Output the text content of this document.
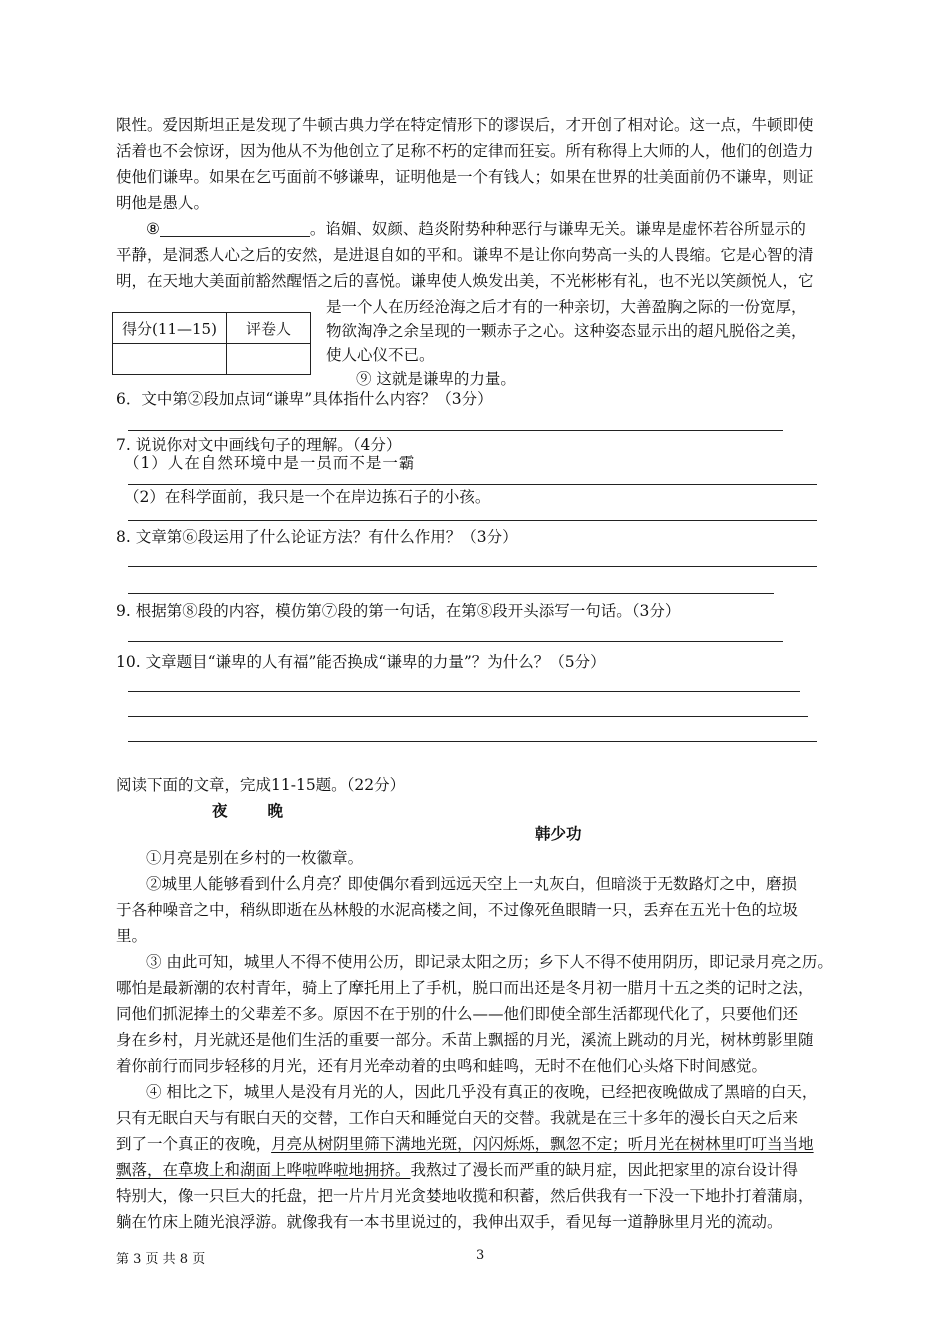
限性。爱因斯坦正是发现了牛顿古典力学在特定情形下的谬误后，才开创了相对论。这一点，牛顿即使
活着也不会惊讶，因为他从不为他创立了足称不朽的定律而狂妄。所有称得上大师的人，他们的创造力
使他们谦卑。如果在乞丐面前不够谦卑，证明他是一个有钱人；如果在世界的壮美面前仍不谦卑，则证
明他是愚人。
⑧	。谄媚、奴颜、趋炎附势种种恶行与谦卑无关。谦卑是虚怀若谷所显示的
平静，是洞悉人心之后的安然，是进退自如的平和。谦卑不是让你向势高一头的人畏缩。它是心智的清
明，在天地大美面前豁然醒悟之后的喜悦。谦卑使人焕发出美，不光彬彬有礼，也不光以笑颜悦人，它
是一个人在历经沧海之后才有的一种亲切，大善盈胸之际的一份宽厚，
物欲淘净之余呈现的一颗赤子之心。这种姿态显示出的超凡脱俗之美，
使人心仪不已。
⑨ 这就是谦卑的力量。
得分(11—15)	评卷人

6．文中第②段加点词“谦卑”具体指什么内容？（3分）
7. 说说你对文中画线句子的理解。（4分）
（1）人在自然环境中是一员而不是一霸
（2）在科学面前，我只是一个在岸边拣石子的小孩。
8. 文章第⑥段运用了什么论证方法？有什么作用？（3分）
9. 根据第⑧段的内容，模仿第⑦段的第一句话，在第⑧段开头添写一句话。（3分）
10. 文章题目“谦卑的人有福”能否换成“谦卑的力量”？为什么？（5分）
阅读下面的文章，完成11-15题。（22分）
夜	晚
韩少功
①月亮是别在乡村的一枚徽章。
②城里人能够看到什么月亮？即使偶尔看到远远天空上一丸灰白，但暗淡于无数路灯之中，磨损
于各种噪音之中，稍纵即逝在丛林般的水泥高楼之间，不过像死鱼眼睛一只，丢弃在五光十色的垃圾
里。
③ 由此可知，城里人不得不使用公历，即记录太阳之历；乡下人不得不使用阴历，即记录月亮之历。
哪怕是最新潮的农村青年，骑上了摩托用上了手机，脱口而出还是冬月初一腊月十五之类的记时之法，
同他们抓泥捧土的父辈差不多。原因不在于别的什么——他们即使全部生活都现代化了，只要他们还
身在乡村，月光就还是他们生活的重要一部分。禾苗上飘摇的月光，溪流上跳动的月光，树林剪影里随
着你前行而同步轻移的月光，还有月光牵动着的虫鸣和蛙鸣，无时不在他们心头烙下时间感觉。
④ 相比之下，城里人是没有月光的人，因此几乎没有真正的夜晚，已经把夜晚做成了黑暗的白天，
只有无眠白天与有眠白天的交替，工作白天和睡觉白天的交替。我就是在三十多年的漫长白天之后来
到了一个真正的夜晚，月亮从树阴里筛下满地光斑，闪闪烁烁，飘忽不定；听月光在树林里叮叮当当地
飘落，在草坡上和湖面上哗啦哗啦地拥挤。我熬过了漫长而严重的缺月症，因此把家里的凉台设计得
特别大，像一只巨大的托盘，把一片片月光贪婪地收揽和积蓄，然后供我有一下没一下地扑打着蒲扇，
躺在竹床上随光浪浮游。就像我有一本书里说过的，我伸出双手，看见每一道静脉里月光的流动。
第 3 页 共 8 页	3
